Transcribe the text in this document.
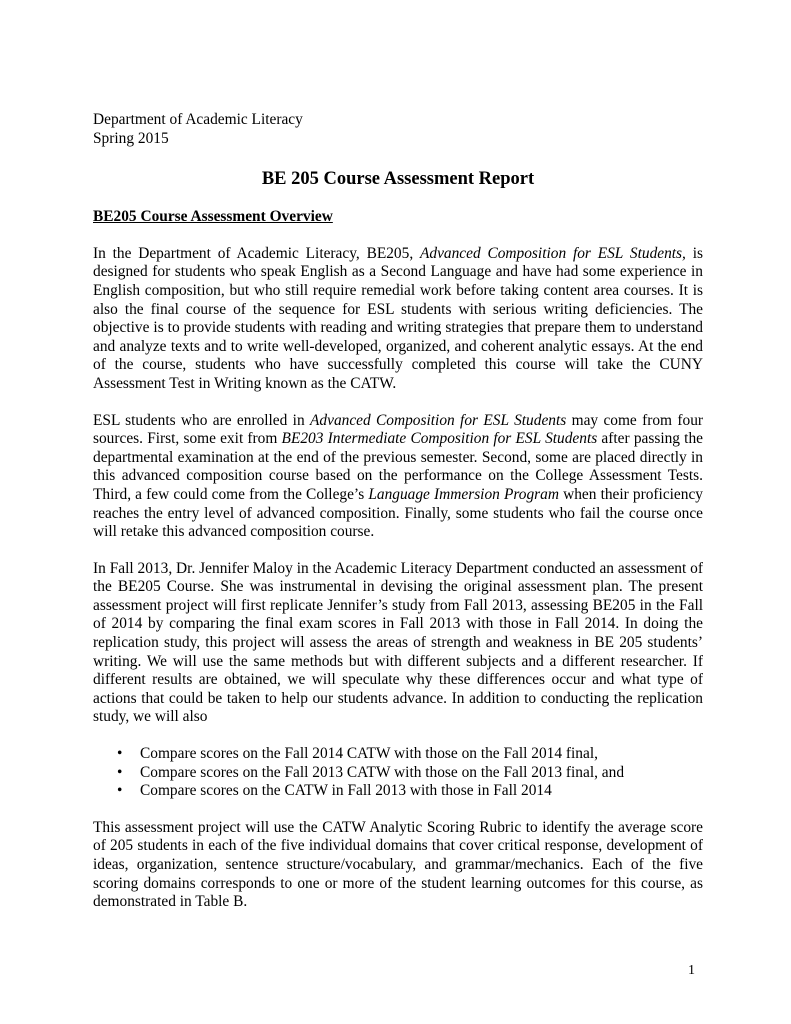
Department of Academic Literacy

Spring 2015

BE 205 Course Assessment Report

BE205 Course Assessment Overview

In the Department of Academic Literacy, BE205, Advanced Composition for ESL Students, is designed for students who speak English as a Second Language and have had some experience in English composition, but who still require remedial work before taking content area courses. It is also the final course of the sequence for ESL students with serious writing deficiencies. The objective is to provide students with reading and writing strategies that prepare them to understand and analyze texts and to write well-developed, organized, and coherent analytic essays. At the end of the course, students who have successfully completed this course will take the CUNY Assessment Test in Writing known as the CATW.

ESL students who are enrolled in Advanced Composition for ESL Students may come from four sources. First, some exit from BE203 Intermediate Composition for ESL Students after passing the departmental examination at the end of the previous semester. Second, some are placed directly in this advanced composition course based on the performance on the College Assessment Tests. Third, a few could come from the College’s Language Immersion Program when their proficiency reaches the entry level of advanced composition. Finally, some students who fail the course once will retake this advanced composition course.

In Fall 2013, Dr. Jennifer Maloy in the Academic Literacy Department conducted an assessment of the BE205 Course. She was instrumental in devising the original assessment plan. The present assessment project will first replicate Jennifer’s study from Fall 2013, assessing BE205 in the Fall of 2014 by comparing the final exam scores in Fall 2013 with those in Fall 2014. In doing the replication study, this project will assess the areas of strength and weakness in BE 205 students’ writing. We will use the same methods but with different subjects and a different researcher. If different results are obtained, we will speculate why these differences occur and what type of actions that could be taken to help our students advance. In addition to conducting the replication study, we will also

• Compare scores on the Fall 2014 CATW with those on the Fall 2014 final,
• Compare scores on the Fall 2013 CATW with those on the Fall 2013 final, and
• Compare scores on the CATW in Fall 2013 with those in Fall 2014

This assessment project will use the CATW Analytic Scoring Rubric to identify the average score of 205 students in each of the five individual domains that cover critical response, development of ideas, organization, sentence structure/vocabulary, and grammar/mechanics. Each of the five scoring domains corresponds to one or more of the student learning outcomes for this course, as demonstrated in Table B.

1
